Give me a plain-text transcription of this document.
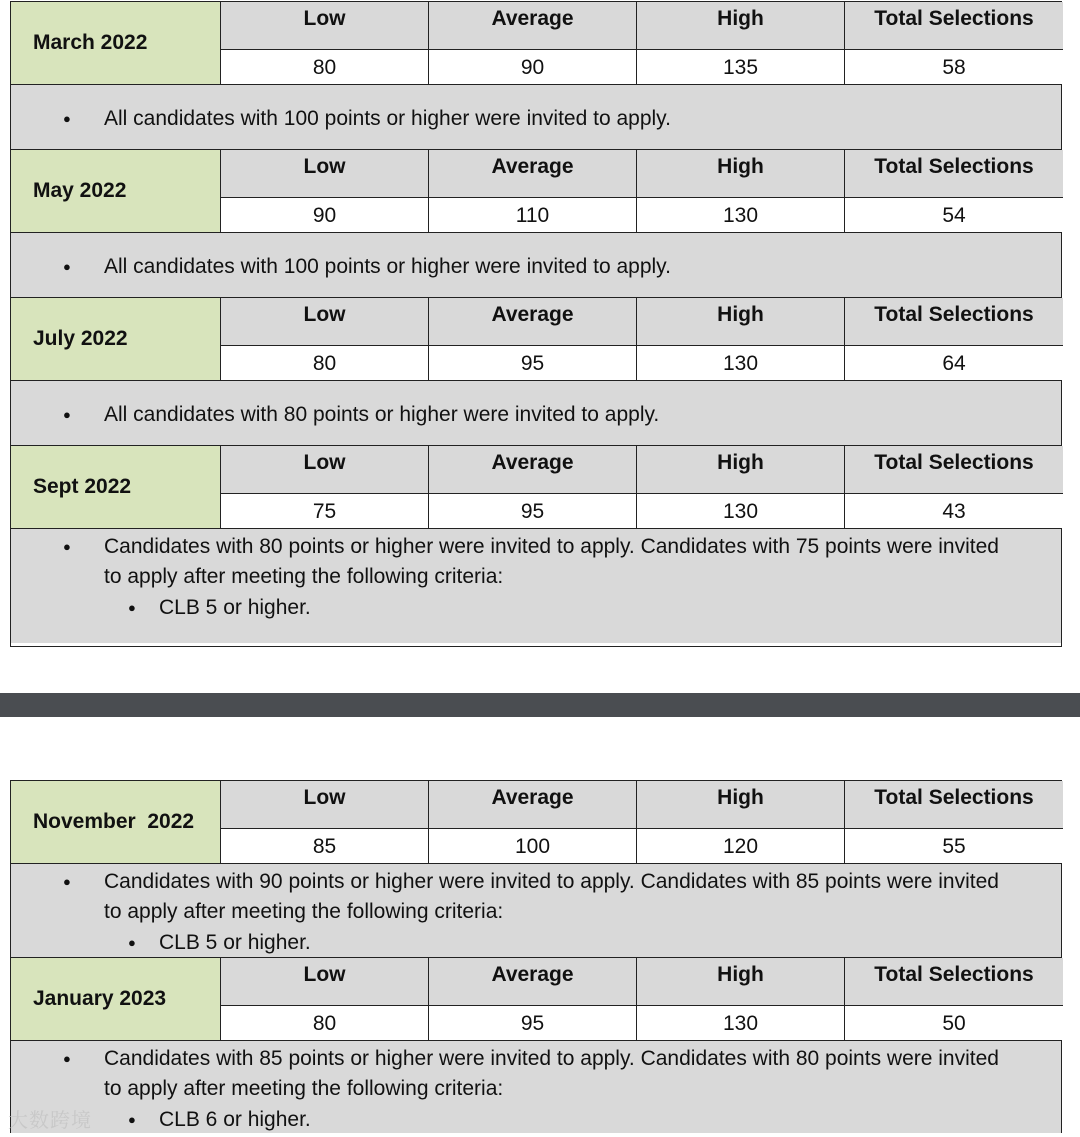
March 2022
Low	Average	High	Total Selections
80	90	135	58
● All candidates with 100 points or higher were invited to apply.
May 2022
Low	Average	High	Total Selections
90	110	130	54
● All candidates with 100 points or higher were invited to apply.
July 2022
Low	Average	High	Total Selections
80	95	130	64
● All candidates with 80 points or higher were invited to apply.
Sept 2022
Low	Average	High	Total Selections
75	95	130	43
● Candidates with 80 points or higher were invited to apply. Candidates with 75 points were invited to apply after meeting the following criteria:
● CLB 5 or higher.
November  2022
Low	Average	High	Total Selections
85	100	120	55
● Candidates with 90 points or higher were invited to apply. Candidates with 85 points were invited to apply after meeting the following criteria:
● CLB 5 or higher.
January 2023
Low	Average	High	Total Selections
80	95	130	50
● Candidates with 85 points or higher were invited to apply. Candidates with 80 points were invited to apply after meeting the following criteria:
● CLB 6 or higher.
大数跨境
